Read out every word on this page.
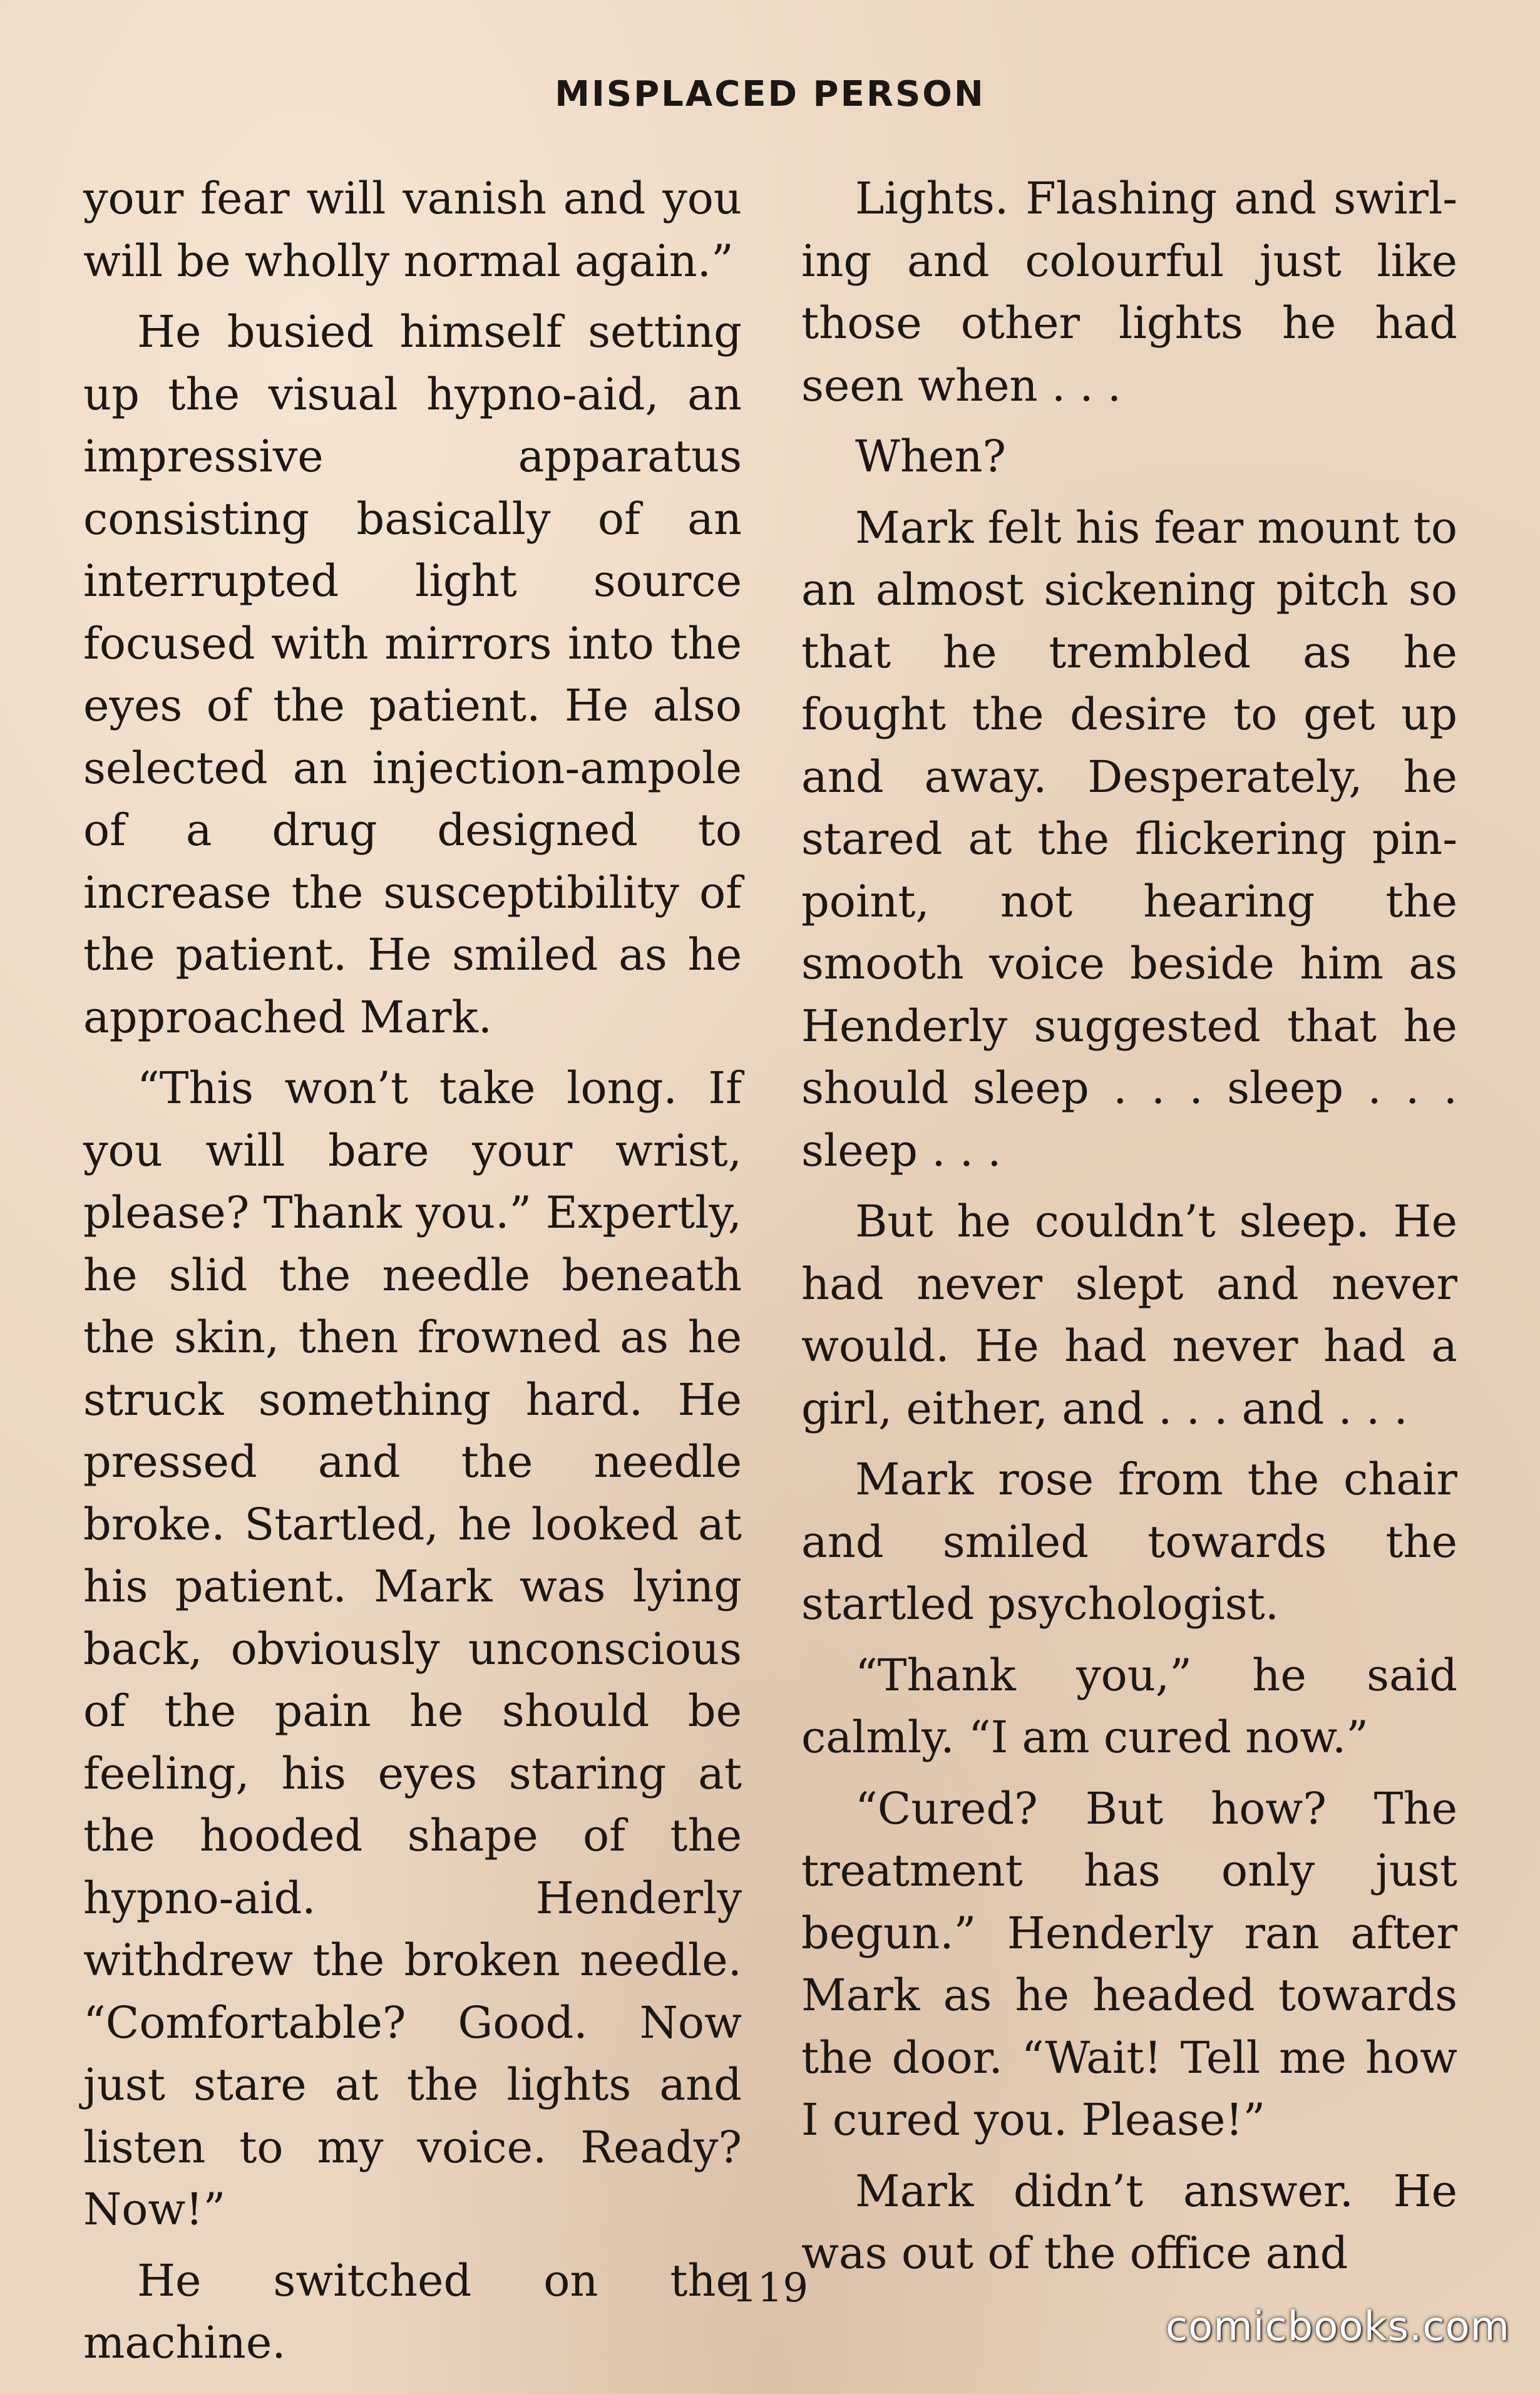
MISPLACED PERSON

your fear will vanish and you will be wholly normal again.”

He busied himself setting up the visual hypno-aid, an impressive apparatus consisting basically of an interrupted light source focused with mirrors into the eyes of the patient. He also selected an injection-ampole of a drug designed to increase the susceptibility of the patient. He smiled as he approached Mark.

“This won’t take long. If you will bare your wrist, please? Thank you.” Expertly, he slid the needle beneath the skin, then frowned as he struck something hard. He pressed and the needle broke. Startled, he looked at his patient. Mark was lying back, obviously unconscious of the pain he should be feeling, his eyes staring at the hooded shape of the hypno-aid. Henderly withdrew the broken needle. “Comfortable? Good. Now just stare at the lights and listen to my voice. Ready? Now!”

He switched on the machine.

Lights. Flashing and swirling and colourful just like those other lights he had seen when . . .

When?

Mark felt his fear mount to an almost sickening pitch so that he trembled as he fought the desire to get up and away. Desperately, he stared at the flickering pin-point, not hearing the smooth voice beside him as Henderly suggested that he should sleep . . . sleep . . . sleep . . .

But he couldn’t sleep. He had never slept and never would. He had never had a girl, either, and . . . and . . .

Mark rose from the chair and smiled towards the startled psychologist.

“Thank you,” he said calmly. “I am cured now.”

“Cured? But how? The treatment has only just begun.” Henderly ran after Mark as he headed towards the door. “Wait! Tell me how I cured you. Please!”

Mark didn’t answer. He was out of the office and

119
comicbooks.com
